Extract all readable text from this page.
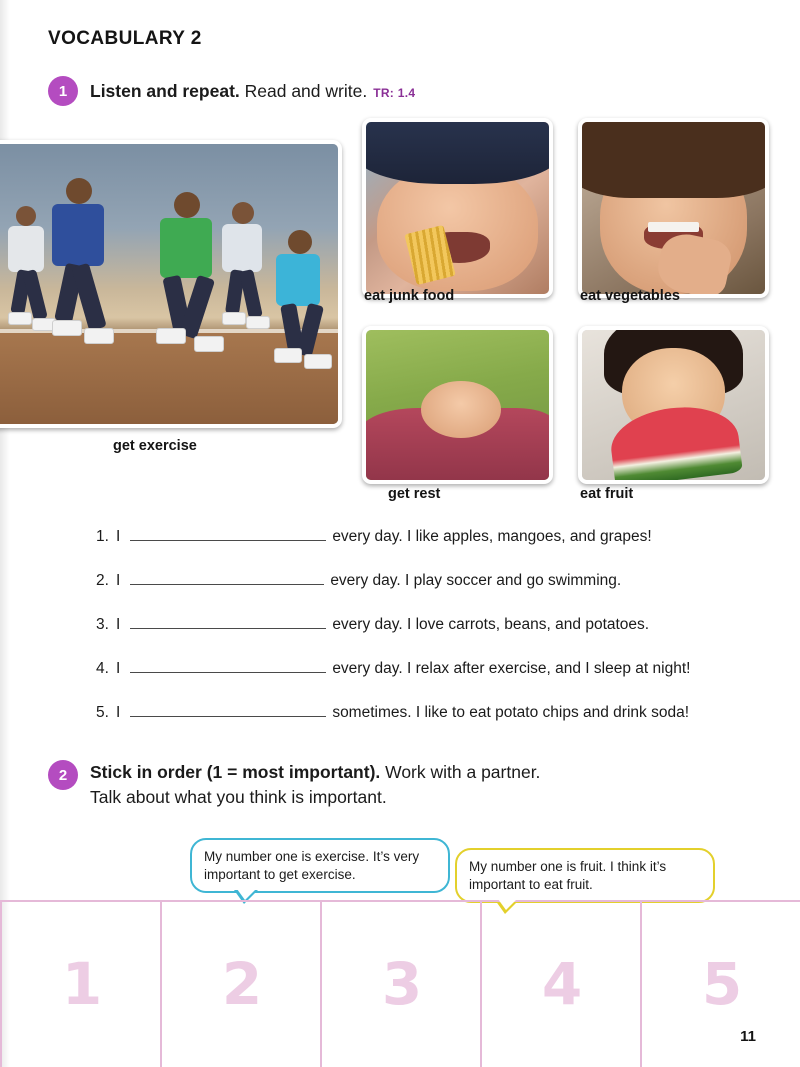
VOCABULARY 2
1	Listen and repeat. Read and write. TR: 1.4
get exercise
eat junk food	eat vegetables
get rest	eat fruit
1. I	every day. I like apples, mangoes, and grapes!
2. I	every day. I play soccer and go swimming.
3. I	every day. I love carrots, beans, and potatoes.
4. I	every day. I relax after exercise, and I sleep at night!
5. I	sometimes. I like to eat potato chips and drink soda!
2	Stick in order (1 = most important). Work with a partner.
Talk about what you think is important.
My number one is exercise. It’s very important to get exercise.
My number one is fruit. I think it’s important to eat fruit.
1 2 3 4 5
11
